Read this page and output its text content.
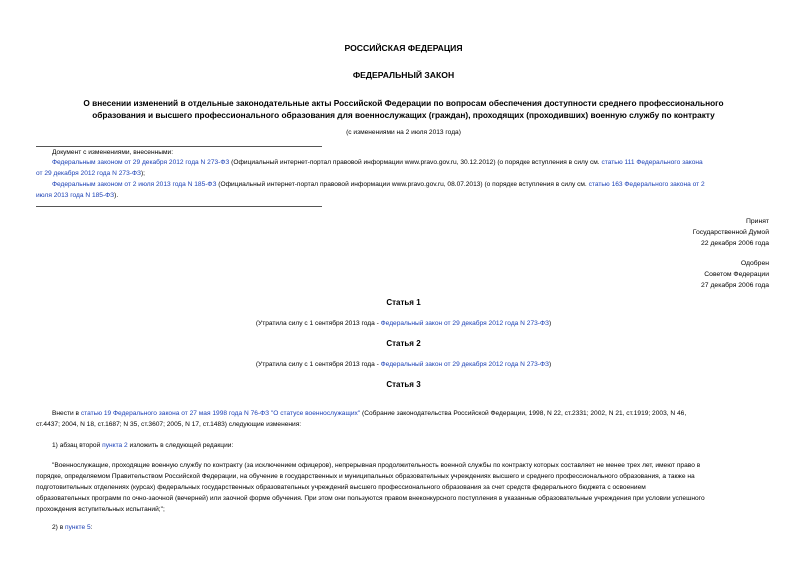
РОССИЙСКАЯ ФЕДЕРАЦИЯ
ФЕДЕРАЛЬНЫЙ ЗАКОН
О внесении изменений в отдельные законодательные акты Российской Федерации по вопросам обеспечения доступности среднего профессионального
образования и высшего профессионального образования для военнослужащих (граждан), проходящих (проходивших) военную службу по контракту
(с изменениями на 2 июля 2013 года)
Документ с изменениями, внесенными:
Федеральным законом от 29 декабря 2012 года N 273-ФЗ (Официальный интернет-портал правовой информации www.pravo.gov.ru, 30.12.2012) (о порядке вступления в силу см. статью 111 Федерального закона
от 29 декабря 2012 года N 273-ФЗ);
Федеральным законом от 2 июля 2013 года N 185-ФЗ (Официальный интернет-портал правовой информации www.pravo.gov.ru, 08.07.2013) (о порядке вступления в силу см. статью 163 Федерального закона от 2
июля 2013 года N 185-ФЗ).
Принят
Государственной Думой
22 декабря 2006 года
Одобрен
Советом Федерации
27 декабря 2006 года
Статья 1
(Утратила силу с 1 сентября 2013 года - Федеральный закон от 29 декабря 2012 года N 273-ФЗ)
Статья 2
(Утратила силу с 1 сентября 2013 года - Федеральный закон от 29 декабря 2012 года N 273-ФЗ)
Статья 3
Внести в статью 19 Федерального закона от 27 мая 1998 года N 76-ФЗ "О статусе военнослужащих" (Собрание законодательства Российской Федерации, 1998, N 22, ст.2331; 2002, N 21, ст.1919; 2003, N 46,
ст.4437; 2004, N 18, ст.1687; N 35, ст.3607; 2005, N 17, ст.1483) следующие изменения:
1) абзац второй пункта 2 изложить в следующей редакции:
"Военнослужащие, проходящие военную службу по контракту (за исключением офицеров), непрерывная продолжительность военной службы по контракту которых составляет не менее трех лет, имеют право в
порядке, определяемом Правительством Российской Федерации, на обучение в государственных и муниципальных образовательных учреждениях высшего и среднего профессионального образования, а также на
подготовительных отделениях (курсах) федеральных государственных образовательных учреждений высшего профессионального образования за счет средств федерального бюджета с освоением
образовательных программ по очно-заочной (вечерней) или заочной форме обучения. При этом они пользуются правом внеконкурсного поступления в указанные образовательные учреждения при условии успешного
прохождения вступительных испытаний;";
2) в пункте 5:
